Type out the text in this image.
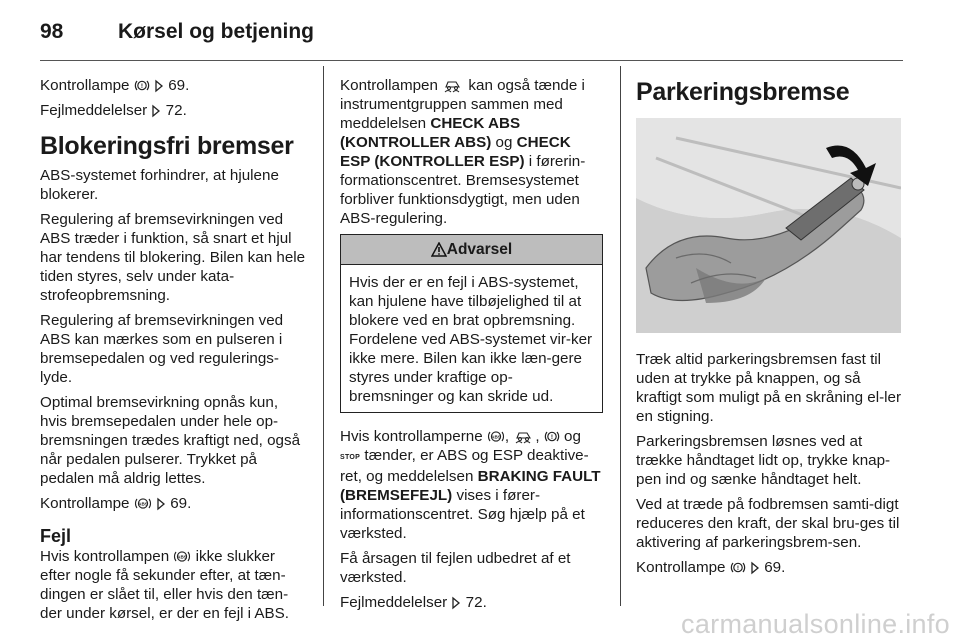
98	Kørsel og betjening

Kontrollampe ! 69.

Fejlmeddelelser 72.

Blokeringsfri bremser

ABS-systemet forhindrer, at hjulene blokerer.

Regulering af bremsevirkningen ved ABS træder i funktion, så snart et hjul har tendens til blokering. Bilen kan hele tiden styres, selv under kata-strofeopbremsning.

Regulering af bremsevirkningen ved ABS kan mærkes som en pulseren i bremsepedalen og ved regulerings-lyde.

Optimal bremsevirkning opnås kun, hvis bremsepedalen under hele op-bremsningen trædes kraftigt ned, også når pedalen pulserer. Trykket på pedalen må aldrig lettes.

Kontrollampe ABS 69.

Fejl

Hvis kontrollampen ABS ikke slukker efter nogle få sekunder efter, at tæn-dingen er slået til, eller hvis den tæn-der under kørsel, er der en fejl i ABS.

Kontrollampen kan også tænde i instrumentgruppen sammen med meddelelsen CHECK ABS (KONTROLLER ABS) og CHECK ESP (KONTROLLER ESP) i førerin-formationscentret. Bremsesystemet forbliver funktionsdygtigt, men uden ABS-regulering.

Advarsel
Hvis der er en fejl i ABS-systemet, kan hjulene have tilbøjelighed til at blokere ved en brat opbremsning. Fordelene ved ABS-systemet vir-ker ikke mere. Bilen kan ikke læn-gere styres under kraftige op-bremsninger og kan skride ud.

Hvis kontrollamperne ABS , , ! og STOP tænder, er ABS og ESP deaktive-ret, og meddelelsen BRAKING FAULT (BREMSEFEJL) vises i fører-informationscentret. Søg hjælp på et værksted.

Få årsagen til fejlen udbedret af et værksted.

Fejlmeddelelser 72.

Parkeringsbremse

Træk altid parkeringsbremsen fast til uden at trykke på knappen, og så kraftigt som muligt på en skråning el-ler en stigning.

Parkeringsbremsen løsnes ved at trække håndtaget lidt op, trykke knap-pen ind og sænke håndtaget helt.

Ved at træde på fodbremsen samti-digt reduceres den kraft, der skal bru-ges til aktivering af parkeringsbrem-sen.

Kontrollampe ! 69.

carmanualsonline.info
